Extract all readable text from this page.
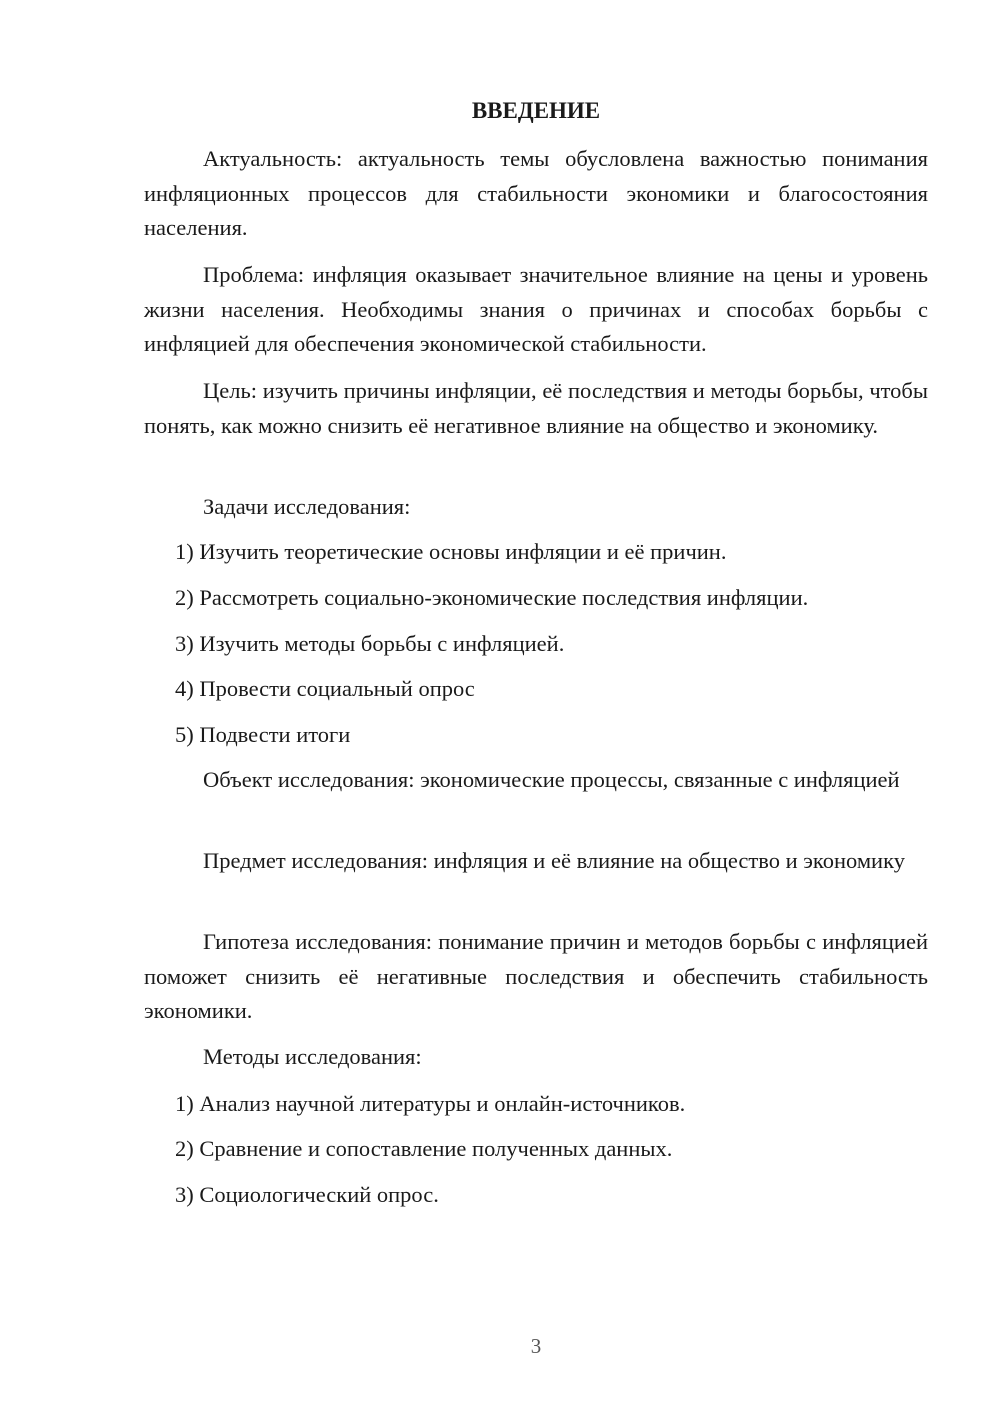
ВВЕДЕНИЕ

Актуальность: актуальность темы обусловлена важностью понимания инфляционных процессов для стабильности экономики и благосостояния населения.

Проблема: инфляция оказывает значительное влияние на цены и уровень жизни населения. Необходимы знания о причинах и способах борьбы с инфляцией для обеспечения экономической стабильности.

Цель: изучить причины инфляции, её последствия и методы борьбы, чтобы понять, как можно снизить её негативное влияние на общество и экономику.

Задачи исследования:

1) Изучить теоретические основы инфляции и её причин.

2) Рассмотреть социально-экономические последствия инфляции.

3) Изучить методы борьбы с инфляцией.

4) Провести социальный опрос

5) Подвести итоги

Объект исследования: экономические процессы, связанные с инфляцией

Предмет исследования: инфляция и её влияние на общество и экономику

Гипотеза исследования: понимание причин и методов борьбы с инфляцией поможет снизить её негативные последствия и обеспечить стабильность экономики.

Методы исследования:

1) Анализ научной литературы и онлайн-источников.

2) Сравнение и сопоставление полученных данных.

3) Социологический опрос.

3
